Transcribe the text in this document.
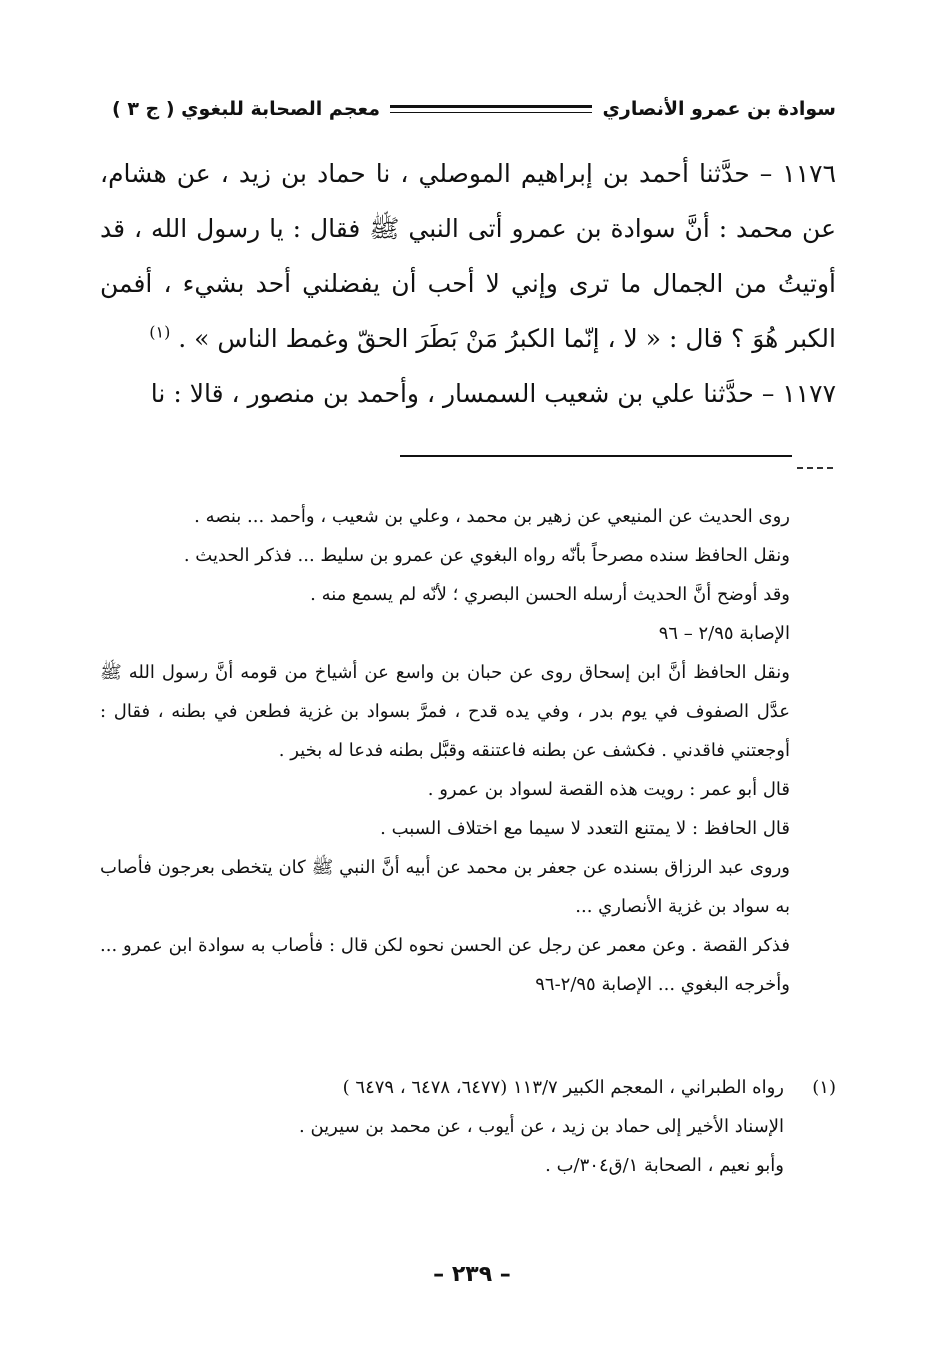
سوادة بن عمرو الأنصاري
معجم الصحابة للبغوي ( ج ٣ )

١١٧٦ – حدَّثنا أحمد بن إبراهيم الموصلي ، نا حماد بن زيد ، عن هشام، عن محمد : أنَّ سوادة بن عمرو أتى النبي ﷺ فقال : يا رسول الله ، قد أوتيتُ من الجمال ما ترى وإني لا أحب أن يفضلني أحد بشيء ، أفمن الكبر هُوَ ؟ قال : « لا ، إنّما الكبرُ مَنْ بَطَرَ الحقّ وغمط الناس » . $^{(١)}$

١١٧٧ – حدَّثنا علي بن شعيب السمسار ، وأحمد بن منصور ، قالا : نا

روى الحديث عن المنيعي عن زهير بن محمد ، وعلي بن شعيب ، وأحمد ... بنصه .

ونقل الحافظ سنده مصرحاً بأنّه رواه البغوي عن عمرو بن سليط ... فذكر الحديث .

وقد أوضح أنَّ الحديث أرسله الحسن البصري ؛ لأنّه لم يسمع منه .

الإصابة ٢/٩٥ – ٩٦

ونقل الحافظ أنَّ ابن إسحاق روى عن حبان بن واسع عن أشياخ من قومه أنَّ رسول الله ﷺ عدَّل الصفوف في يوم بدر ، وفي يده قدح ، فمرَّ بسواد بن غزية فطعن في بطنه ، فقال : أوجعتني فاقدني . فكشف عن بطنه فاعتنقه وقبَّل بطنه فدعا له بخير .

قال أبو عمر : رويت هذه القصة لسواد بن عمرو .

قال الحافظ : لا يمتنع التعدد لا سيما مع اختلاف السبب .

وروى عبد الرزاق بسنده عن جعفر بن محمد عن أبيه أنَّ النبي ﷺ كان يتخطى بعرجون فأصاب به سواد بن غزية الأنصاري ...

فذكر القصة . وعن معمر عن رجل عن الحسن نحوه لكن قال : فأصاب به سوادة ابن عمرو ... وأخرجه البغوي ... الإصابة ٢/٩٥-٩٦

(١)

رواه الطبراني ، المعجم الكبير ١١٣/٧ (٦٤٧٧، ٦٤٧٨ ، ٦٤٧٩ )

الإسناد الأخير إلى حماد بن زيد ، عن أيوب ، عن محمد بن سيرين .

وأبو نعيم ، الصحابة ١/ق٣٠٤/ب .

– ٢٣٩ –
